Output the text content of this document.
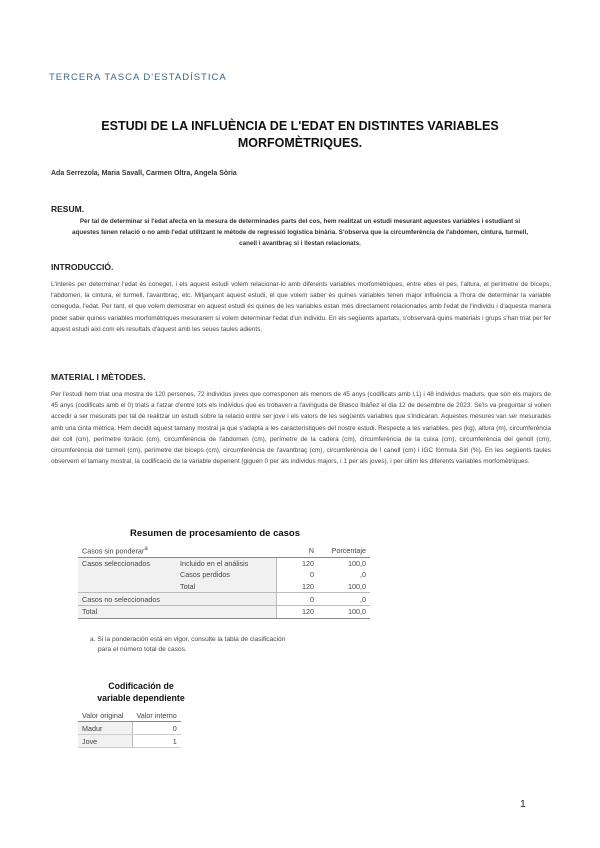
TERCERA TASCA D'ESTADÍSTICA
ESTUDI DE LA INFLUÈNCIA DE L'EDAT EN DISTINTES VARIABLES
MORFOMÈTRIQUES.
Ada Serrezola, Maria Savall, Carmen Oltra, Angela Sòria
RESUM.
Per tal de determinar si l'edat afecta en la mesura de determinades parts del cos, hem realitzat un estudi mesurant aquestes variables i estudiant si aquestes tenen relació o no amb l'edat utilitzant le mètode de regressió logística binària. S'observa que la circumferència de l'abdomen, cintura, turmell, canell i avantbraç si i llestan relacionats.
INTRODUCCIÓ.

L'interès per determinar l'edat és coneget, i els aquest estudi volem relacionar-lo amb diferents variables morfomètriques, entre elles el pes, l'altura, el perímetre de bíceps, l'abdomen, la cintura, el turmell, l'avantbraç, etc. Mitjançant aquest estudi, el que volem saber és quines variables tenen major influència a l'hora de determinar la variable coneguda, l'edat. Per tant, el que volem demostrar en aquest estudi és quines de les variables estan més directament relacionades amb l'edat de l'individu i d'aquesta manera poder saber quines variables morfomètriques mesurarem si volem determinar l'edat d'un individu. En els següents apartats, s'observarà quins materials i grups s'han triat per fer aquest estudi així com els resultats d'aquest amb les seues taules adients.

MATERIAL I MÈTODES.

Per l'estudi hem triat una mostra de 120 persones, 72 individus joves que corresponen als menors de 45 anys (codificats amb l,1) i 48 individus madurs, que són els majors de 45 anys (codificats amb el 0) triats a l'atzar d'entre tots els individus que es trobaven a l'avinguda de Blasco Ibáñez el dia 12 de desembre de 2023. Se'ls va preguntar si volien accedir a ser mesurats per tal de realitzar un estudi sobre la relació entre ser jove i els valors de les següents variables que s'indicaran. Aquestes mesures van ser mesurades amb una cinta mètrica. Hem decidit aquest tamany mostral ja que s'adapta a les característiques del nostre estudi. Respecte a les variables, pes (kg), altura (m), circumferència del coll (cm), perímetre toràcic (cm), circumferència de l'abdomen (cm), perímetre de la cadera (cm), circumferència de la cuixa (cm), circumferència del genoll (cm), circumferència del turmell (cm), perímetre del bíceps (cm), circumferència de l'avantbraç (cm), circumferència de l canell (cm) i IGC fórmula Siri (%). En les següents taules observem el tamany mostral, la codificació de la variable depenent (giguen 0 per als individus majors, i 1 per als joves), i per últim les diferents variables morfomètriques.

Resumen de procesamiento de casos
Casos sin ponderar$^a$		N	Porcentaje
Casos seleccionados	Incluido en el análisis	120	100,0
	Casos perdidos	0	,0
	Total	120	100,0
Casos no seleccionados		0	,0
Total		120	100,0
a. Si la ponderación está en vigor, consulte la tabla de clasificación
para el número total de casos.
Codificación de
variable dependiente
Valor original	Valor interno
Madur	0
Jove	1
1
